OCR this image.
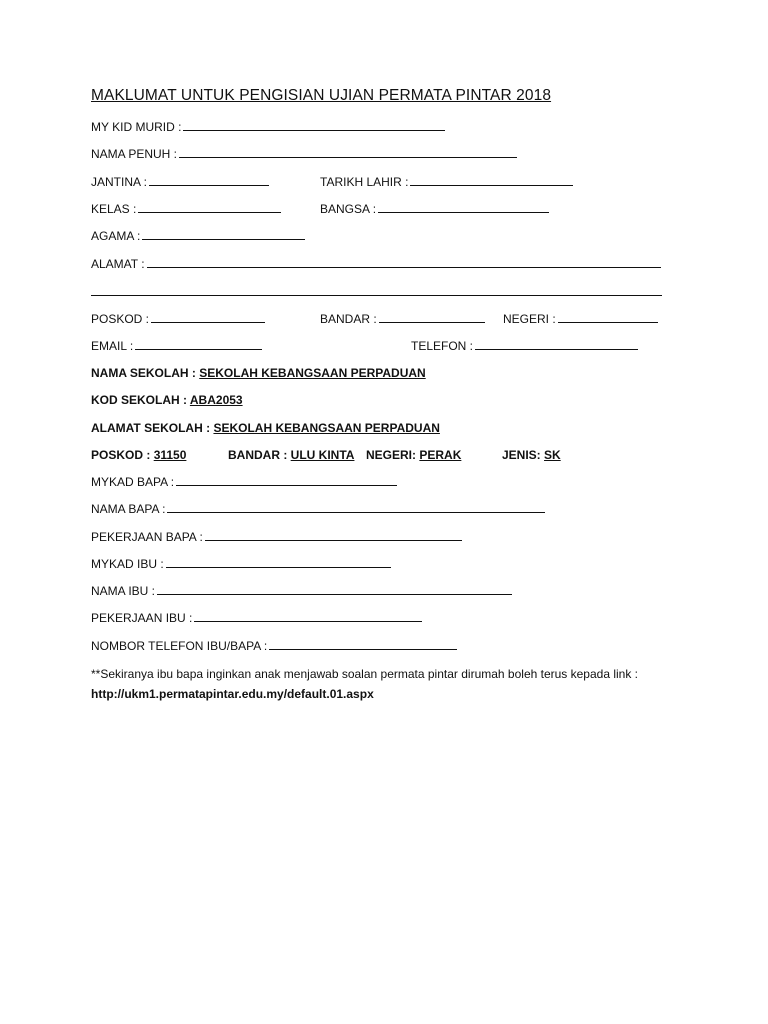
MAKLUMAT UNTUK PENGISIAN UJIAN PERMATA PINTAR 2018
MY KID MURID :
NAMA PENUH :
JANTINA :	TARIKH LAHIR :
KELAS :	BANGSA :
AGAMA :
ALAMAT :
POSKOD :	BANDAR :	NEGERI :
EMAIL :	TELEFON :
NAMA SEKOLAH : SEKOLAH KEBANGSAAN PERPADUAN
KOD SEKOLAH : ABA2053
ALAMAT SEKOLAH : SEKOLAH KEBANGSAAN PERPADUAN
POSKOD : 31150	BANDAR : ULU KINTA NEGERI: PERAK	JENIS: SK
MYKAD BAPA :
NAMA BAPA :
PEKERJAAN BAPA :
MYKAD IBU :
NAMA IBU :
PEKERJAAN IBU :
NOMBOR TELEFON IBU/BAPA :
**Sekiranya ibu bapa inginkan anak menjawab soalan permata pintar dirumah boleh terus kepada link : http://ukm1.permatapintar.edu.my/default.01.aspx
